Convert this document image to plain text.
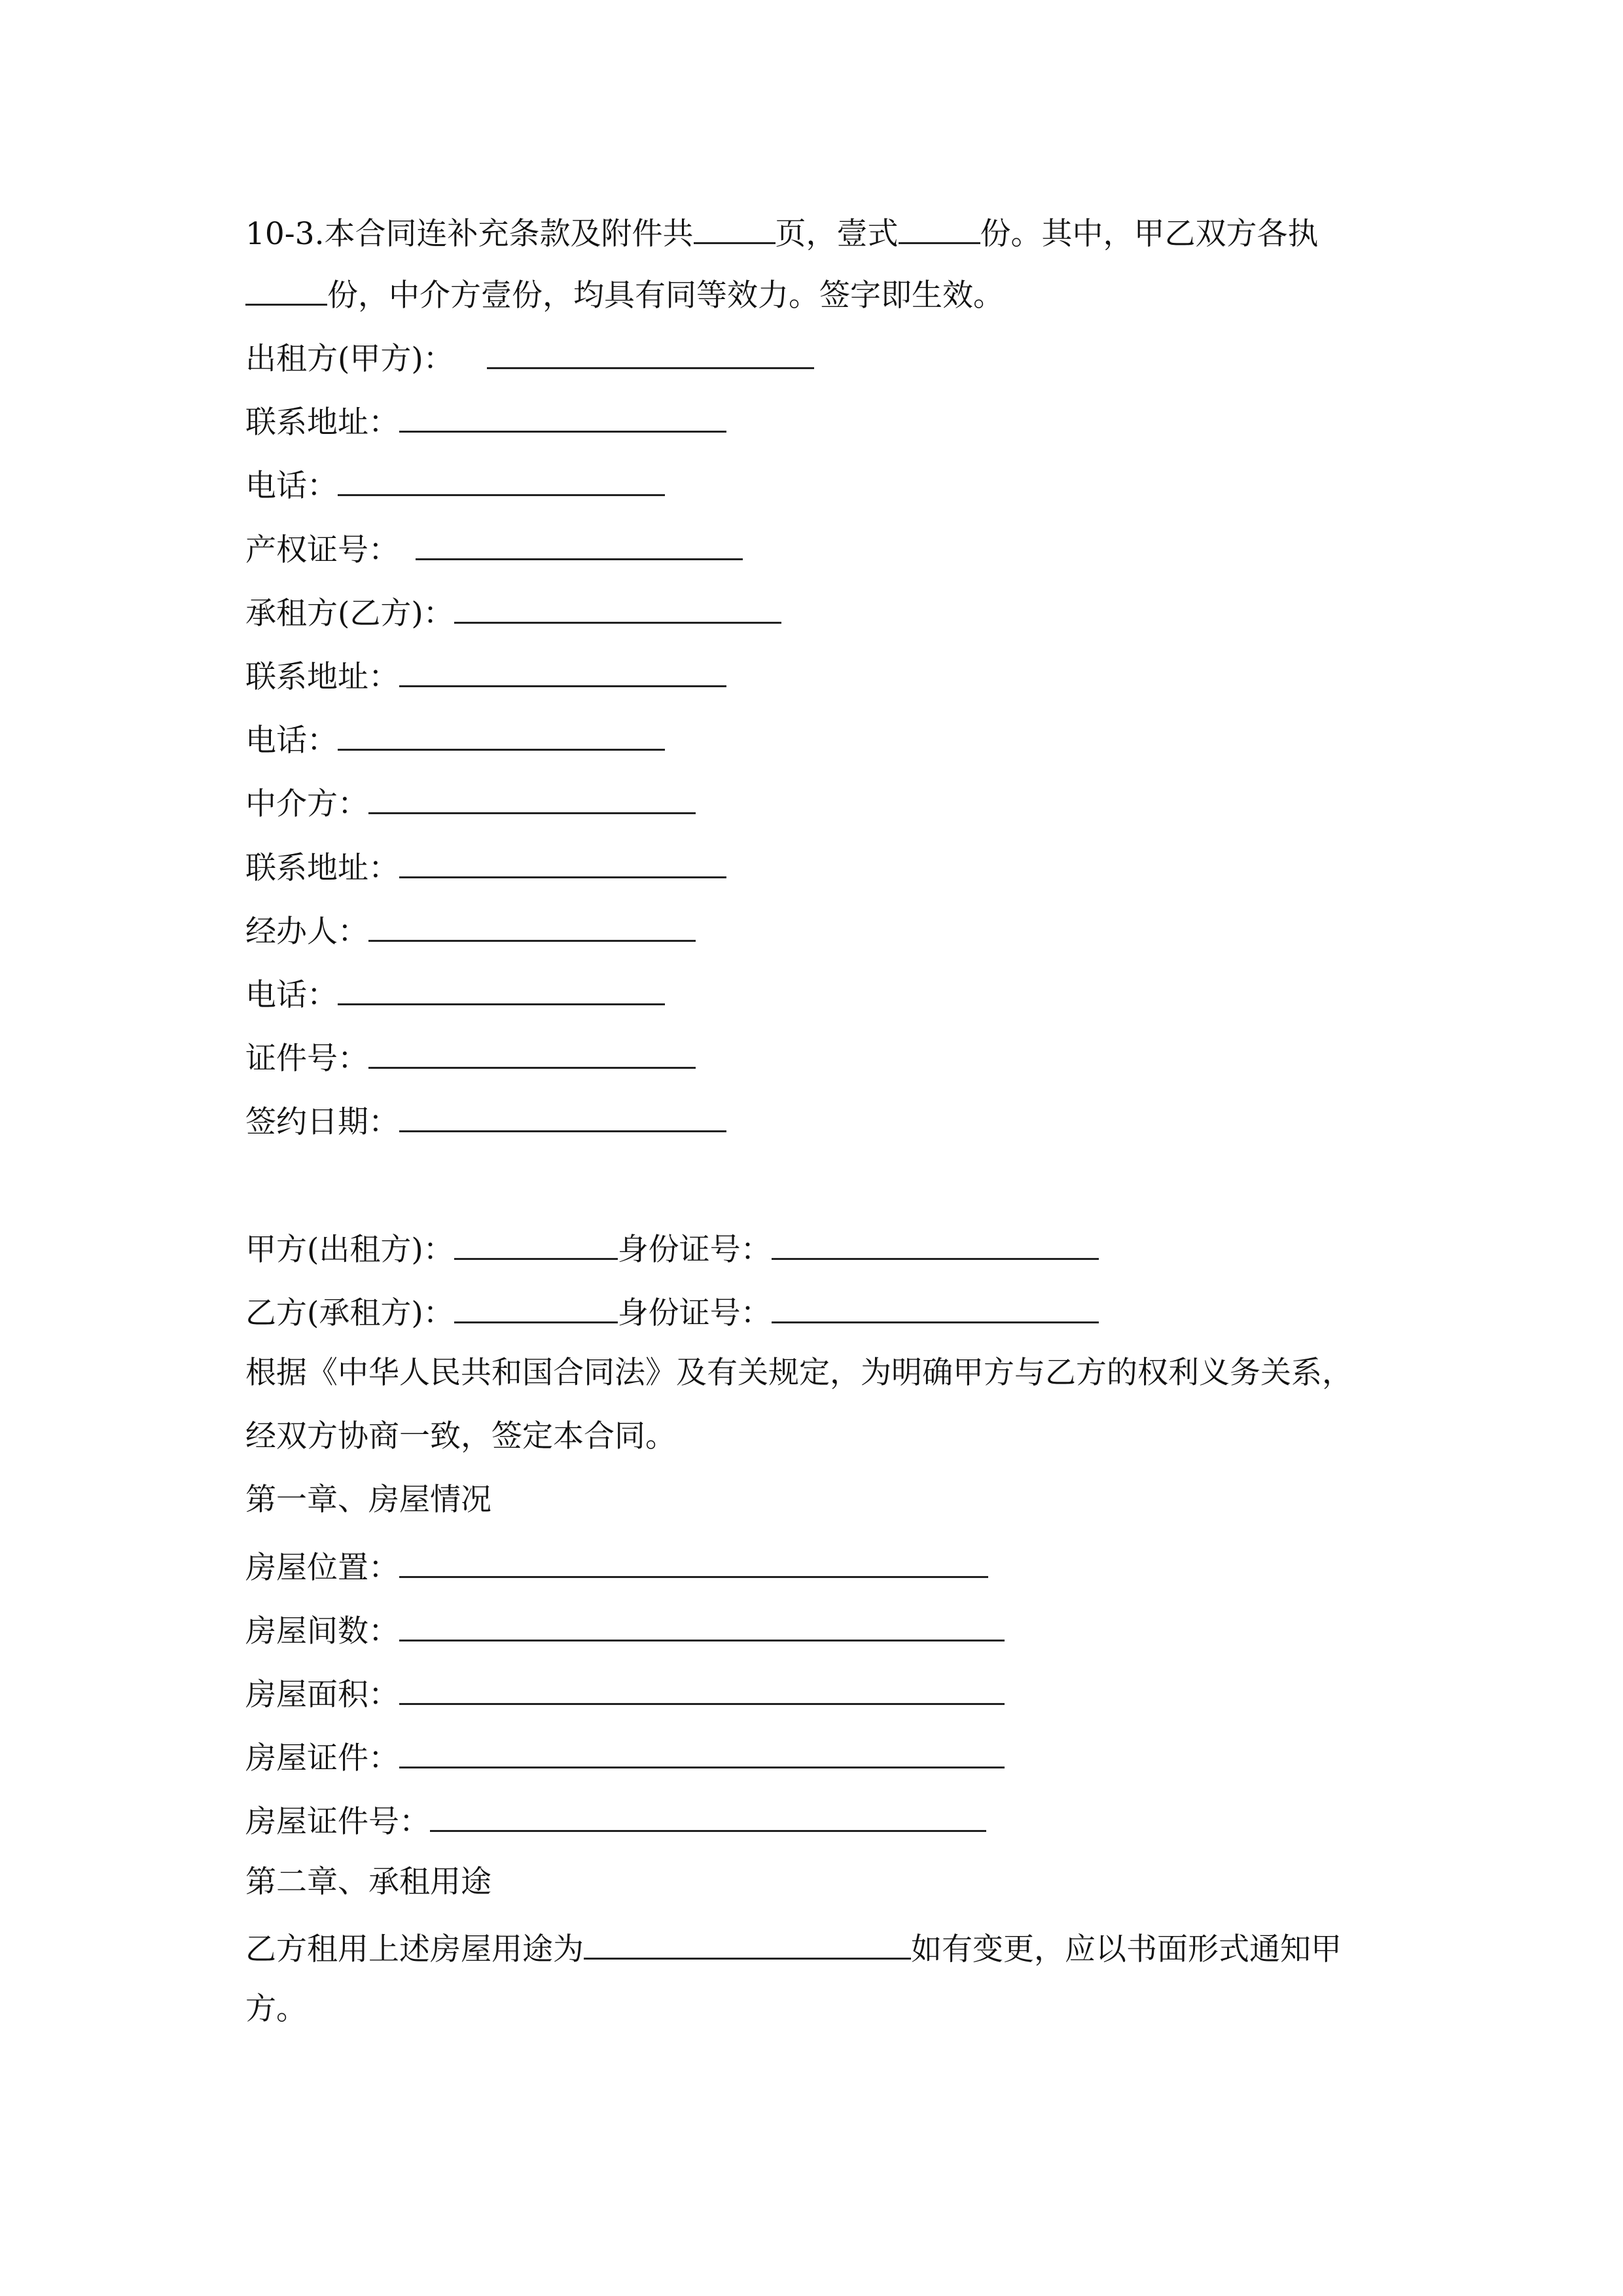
10-3.本合同连补充条款及附件共	页，壹式	份。其中，甲乙双方各执
份，中介方壹份，均具有同等效力。签字即生效。
出租方(甲方)：
联系地址：
电话：
产权证号：
承租方(乙方)：
联系地址：
电话：
中介方：
联系地址：
经办人：
电话：
证件号：
签约日期：
甲方(出租方)：	身份证号：
乙方(承租方)：	身份证号：
根据《中华人民共和国合同法》及有关规定，为明确甲方与乙方的权利义务关系，
经双方协商一致，签定本合同。
第一章、房屋情况
房屋位置：
房屋间数：
房屋面积：
房屋证件：
房屋证件号：
第二章、承租用途
乙方租用上述房屋用途为	如有变更，应以书面形式通知甲
方。
